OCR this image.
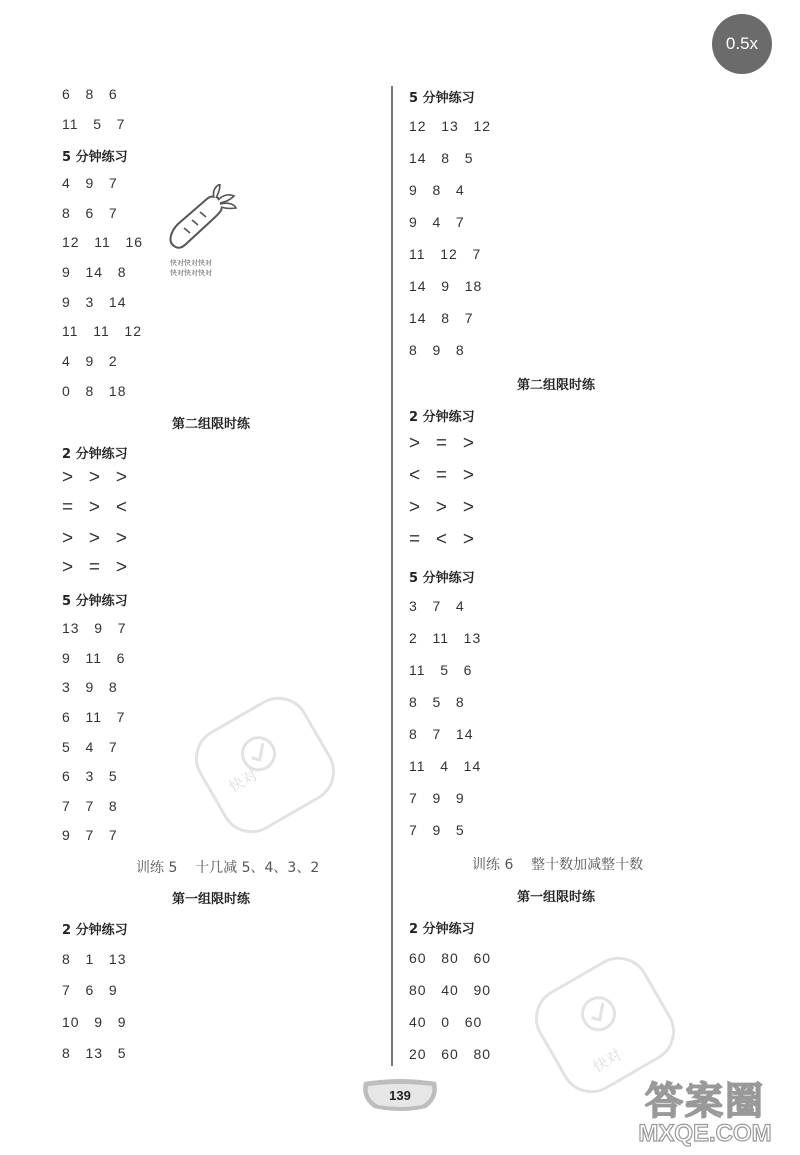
0.5x
6   8   6
11   5   7
5 分钟练习
4   9   7
8   6   7
12   11   16
9   14   8
9   3   14
11   11   12
4   9   2
0   8   18
第二组限时练
2 分钟练习
>   >   >
=   >   <
>   >   >
>   =   >
5 分钟练习
13   9   7
9   11   6
3   9   8
6   11   7
5   4   7
6   3   5
7   7   8
9   7   7
训练 5    十几减 5、4、3、2
第一组限时练
2 分钟练习
8   1   13
7   6   9
10   9   9
8   13   5
快对快对快对
快对快对快对
5 分钟练习
12   13   12
14   8   5
9   8   4
9   4   7
11   12   7
14   9   18
14   8   7
8   9   8
第二组限时练
2 分钟练习
>   =   >
<   =   >
>   >   >
=   <   >
5 分钟练习
3   7   4
2   11   13
11   5   6
8   5   8
8   7   14
11   4   14
7   9   9
7   9   5
训练 6    整十数加减整十数
第一组限时练
2 分钟练习
60   80   60
80   40   90
40   0   60
20   60   80
快对
快对
139	答案圈
MXQE.COM
